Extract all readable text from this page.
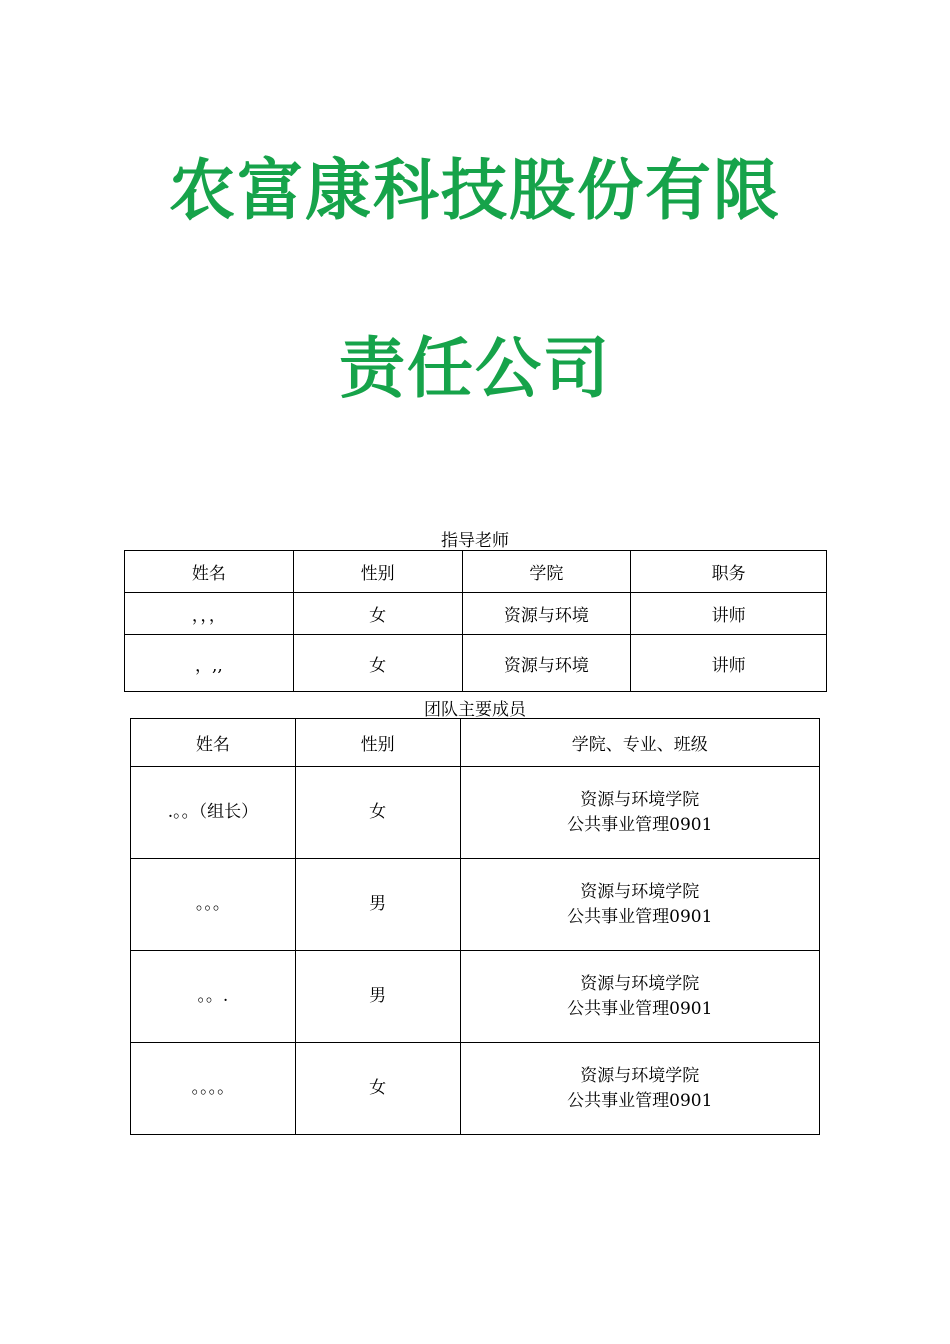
农富康科技股份有限
责任公司
指导老师
姓名	性别	学院	职务
，，，	女	资源与环境	讲师
，,,	女	资源与环境	讲师
团队主要成员
姓名	性别	学院、专业、班级
.。。（组长）	女	资源与环境学院
公共事业管理0901

。。。	男	资源与环境学院
公共事业管理0901

。。.	男	资源与环境学院
公共事业管理0901

。。。。	女	资源与环境学院
公共事业管理0901
